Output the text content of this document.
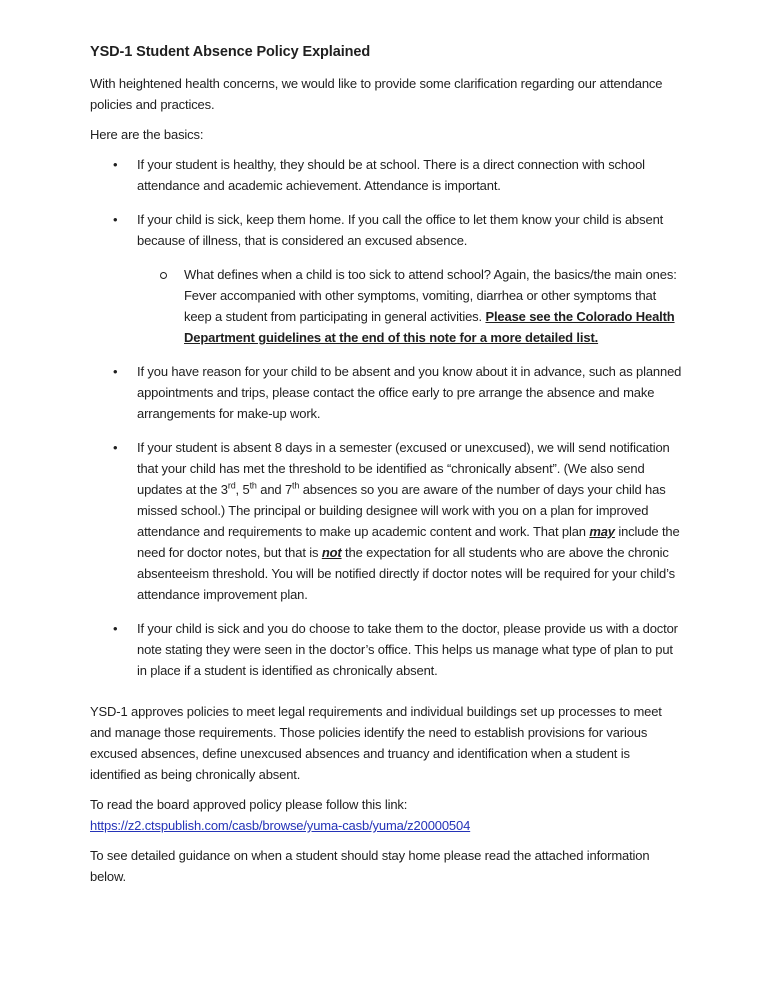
YSD-1 Student Absence Policy Explained

With heightened health concerns, we would like to provide some clarification regarding our attendance policies and practices.

Here are the basics:

•	If your student is healthy, they should be at school. There is a direct connection with school attendance and academic achievement. Attendance is important.
•	If your child is sick, keep them home. If you call the office to let them know your child is absent because of illness, that is considered an excused absence.
What defines when a child is too sick to attend school? Again, the basics/the main ones: Fever accompanied with other symptoms, vomiting, diarrhea or other symptoms that keep a student from participating in general activities. Please see the Colorado Health Department guidelines at the end of this note for a more detailed list.
•	If you have reason for your child to be absent and you know about it in advance, such as planned appointments and trips, please contact the office early to pre arrange the absence and make arrangements for make-up work.
•	If your student is absent 8 days in a semester (excused or unexcused), we will send notification that your child has met the threshold to be identified as “chronically absent”. (We also send updates at the 3rd, 5th and 7th absences so you are aware of the number of days your child has missed school.) The principal or building designee will work with you on a plan for improved attendance and requirements to make up academic content and work. That plan may include the need for doctor notes, but that is not the expectation for all students who are above the chronic absenteeism threshold. You will be notified directly if doctor notes will be required for your child’s attendance improvement plan.
•	If your child is sick and you do choose to take them to the doctor, please provide us with a doctor note stating they were seen in the doctor’s office. This helps us manage what type of plan to put in place if a student is identified as chronically absent.

YSD-1 approves policies to meet legal requirements and individual buildings set up processes to meet and manage those requirements. Those policies identify the need to establish provisions for various excused absences, define unexcused absences and truancy and identification when a student is identified as being chronically absent.

To read the board approved policy please follow this link:
https://z2.ctspublish.com/casb/browse/yuma-casb/yuma/z20000504

To see detailed guidance on when a student should stay home please read the attached information below.
